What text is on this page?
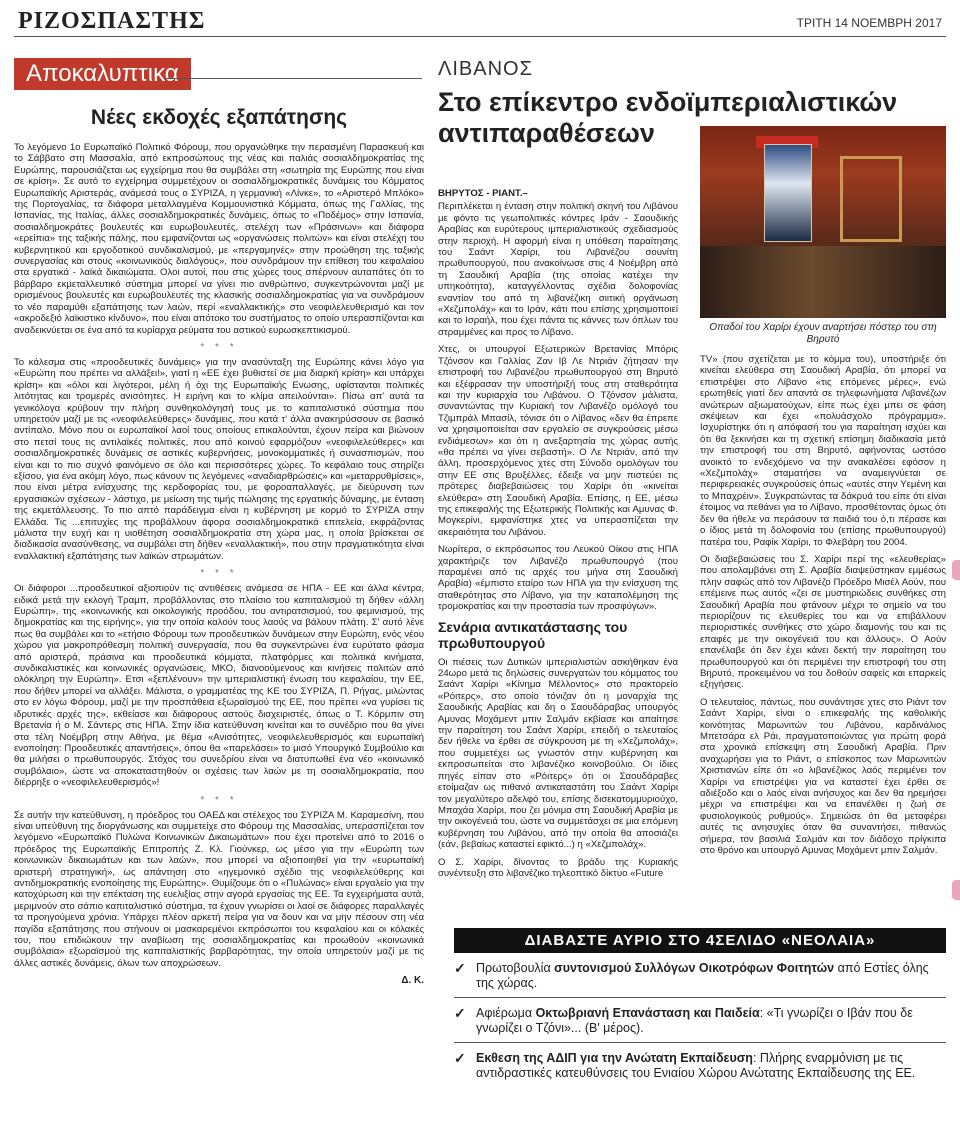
ΡΙΖΟΣΠΑΣΤΗΣ	ΤΡΙΤΗ 14 ΝΟΕΜΒΡΗ 2017
Αποκαλυπτικα
Νέες εκδοχές εξαπάτησης

Το λεγόμενο 1ο Ευρωπαϊκό Πολιτικό Φόρουμ, που οργανώθηκε την περασμένη Παρασκευή και το Σάββατο στη Μασσαλία, από εκπροσώπους της νέας και παλιάς σοσιαλδημοκρατίας της Ευρώπης, παρουσιάζεται ως εγχείρημα που θα συμβάλει στη «σωτηρία της Ευρώπης που είναι σε κρίση». Σε αυτό το εγχείρημα συμμετέχουν οι σοσιαλδημοκρατικές δυνάμεις του Κόμματος Ευρωπαϊκής Αριστεράς, ανάμεσά τους ο ΣΥΡΙΖΑ, η γερμανική «Λίνκε», το «Αριστερό Μπλόκο» της Πορτογαλίας, τα διάφορα μεταλλαγμένα Κομμουνιστικά Κόμματα, όπως της Γαλλίας, της Ισπανίας, της Ιταλίας, άλλες σοσιαλδημοκρατικές δυνάμεις, όπως το «Ποδέμος» στην Ισπανία, σοσιαλδημοκράτες βουλευτές και ευρωβουλευτές, στελέχη των «Πράσινων» και διάφορα «ερείπια» της ταξικής πάλης, που εμφανίζονται ως «οργανώσεις πολιτών» και είναι στελέχη του κυβερνητικού και εργοδοτικού συνδικαλισμού, με «περγαμηνές» στην προώθηση της ταξικής συνεργασίας και στους «κοινωνικούς διαλόγους», που συνδράμουν την επίθεση του κεφαλαίου στα εργατικά - λαϊκά δικαιώματα. Ολοι αυτοί, που στις χώρες τους σπέρνουν αυταπάτες ότι το βάρβαρο εκμεταλλευτικό σύστημα μπορεί να γίνει πιο ανθρώπινο, συγκεντρώνονται μαζί με ορισμένους βουλευτές και ευρωβουλευτές της κλασικής σοσιαλδημοκρατίας για να συνδράμουν το νέο παραμύθι εξαπάτησης των λαών, περί «εναλλακτικής» στο νεοφιλελευθερισμό και τον «ακροδεξιό λαϊκιστικο κίνδυνο», που είναι απότοκο του συστήματος το οποίο υπερασπίζονται και αναδεικνύεται σε ένα από τα κυρίαρχα ρεύματα του αστικού ευρωσκεπτικισμού.

* * *

Το κάλεσμα στις «προοδευτικές δυνάμεις» για την ανασύνταξη της Ευρώπης κάνει λόγο για «Ευρώπη που πρέπει να αλλάξει!», γιατί η «ΕΕ έχει βυθιστεί σε μια διαρκή κρίση» και υπάρχει κρίση» και «όλοι και λιγότεροι, μέλη ή όχι της Ευρωπαϊκής Ενωσης, υφίστανται πολιτικές λιτότητας και τρομερές ανισότητες. Η ειρήνη και το κλίμα απειλούνται». Πίσω απ' αυτά τα γενικόλογα κρύβουν την πλήρη συνθηκολόγησή τους με το καπιταλιστικό σύστημα που υπηρετούν μαζί με τις «νεοφιλελεύθερες» δυνάμεις, που κατά τ' άλλα ανακηρύσσουν σε βασικό αντίπαλο. Μόνο που οι ευρωπαϊκοί λαοί τους οποίους επικαλούνται, έχουν πείρα και βιώνουν στο πετσί τους τις αντιλαϊκές πολιτικές, που από κοινού εφαρμόζουν «νεοφιλελεύθερες» και σοσιαλδημοκρατικές δυνάμεις σε αστικές κυβερνήσεις, μονοκομματικές ή συνασπισμών, που είναι και το πιο συχνό φαινόμενο σε όλο και περισσότερες χώρες. Το κεφάλαιο τους στηρίζει εξίσου, για ένα ακόμη λόγο, πως κάνουν τις λεγόμενες «αναδιαρθρώσεις» και «μεταρρυθμίσεις», που είναι μέτρα ενίσχυσης της κερδοφορίας του, με φοροαπαλλαγές, με διεύρυνση των εργασιακών σχέσεων - λάστιχο, με μείωση της τιμής πώλησης της εργατικής δύναμης, με ένταση της εκμετάλλευσης. Το πιο απτό παράδειγμα είναι η κυβέρνηση με κορμό το ΣΥΡΙΖΑ στην Ελλάδα. Τις ...επιτυχίες της προβάλλουν άφορα σοσιαλδημοκρατικά επιτελεία, εκφράζοντας μάλιστα την ευχή και η υιοθέτηση σοσιαλδημοκρατία στη χώρα μας, η οποία βρίσκεται σε διαδικασία ανασύνθεσης, να συμβάλει στη δήθεν «εναλλακτική», που στην πραγματικότητα είναι εναλλακτική εξαπάτησης των λαϊκών στρωμάτων.

* * *

Οι διάφοροι ...προοδευτικοί αξιοπιούν τις αντιθέσεις ανάμεσα σε ΗΠΑ - ΕΕ και άλλα κέντρα, ειδικά μετά την εκλογή Τραμπ, προβάλλοντας στο πλαίσιο του καπιταλισμού τη δήθεν «άλλη Ευρώπη», της «κοινωνικής και οικολογικής προόδου, του αντιρατσισμού, του φεμινισμού, της δημοκρατίας και της ειρήνης», για την οποία καλούν τους λαούς να βάλουν πλάτη. Σ' αυτό λένε πως θα συμβάλει και το «ετήσιο Φόρουμ των προοδευτικών δυνάμεων στην Ευρώπη, ενός νέου χώρου για μακροπρόθεσμη πολιτική συνεργασία, που θα συγκεντρώνει ένα ευρύτατο φάσμα από αριστερά, πράσινα και προοδευτικά κόμματα, πλατφόρμες και πολιτικά κινήματα, συνδικαλιστικές και κοινωνικές οργανώσεις, ΜΚΟ, διανοούμενους και κινήσεις πολιτών από ολόκληρη την Ευρώπη». Ετσι «ξεπλένουν» την ιμπεριαλιστική ένωση του κεφαλαίου, την ΕΕ, που δήθεν μπορεί να αλλάξει. Μάλιστα, ο γραμματέας της ΚΕ του ΣΥΡΙΖΑ, Π. Ρήγας, μιλώντας στο εν λόγω Φόρουμ, μαζί με την προσπάθεια εξωραϊσμού της ΕΕ, που πρέπει «να γυρίσει τις ιδρυτικές αρχές της», εκθείασε και διάφορους αστούς διαχειριστές, όπως ο Τ. Κόρμπιν στη Βρετανία ή ο Μ. Σάντερς στις ΗΠΑ. Στην ίδια κατεύθυνση κινείται και το συνέδριο που θα γίνει στα τέλη Νοέμβρη στην Αθήνα, με θέμα «Ανισότητες, νεοφιλελευθερισμός και ευρωπαϊκή ενοποίηση: Προοδευτικές απαντήσεις», όπου θα «παρελάσει» το μισό Υπουργικό Συμβούλιο και θα μιλήσει ο πρωθυπουργός. Στόχος του συνεδρίου είναι να διατυπωθεί ένα νέο «κοινωνικό συμβόλαιο», ώστε να αποκαταστηθούν οι σχέσεις των λαών με τη σοσιαλδημοκρατία, που διέρρηξε ο «νεοφιλελευθερισμός»!

* * *

Σε αυτήν την κατεύθυνση, η πρόεδρος του ΟΑΕΔ και στέλεχος του ΣΥΡΙΖΑ Μ. Καραμεσίνη, που είναι υπεύθυνη της διοργάνωσης και συμμετείχε στο Φόρουμ της Μασσαλίας, υπερασπίζεται τον λεγόμενο «Ευρωπαϊκό Πυλώνα Κοινωνικών Δικαιωμάτων» που έχει προτείνει από το 2016 ο πρόεδρος της Ευρωπαϊκής Επιτροπής Ζ. Κλ. Γιούνκερ, ως μέσο για την «Ευρώπη των κοινωνικών δικαιωμάτων και των λαών», που μπορεί να αξιοποιηθεί για την «ευρωπαϊκή αριστερή στρατηγική», ως απάντηση στο «ηγεμονικό σχέδιο της νεοφιλελεύθερης και αντιδημοκρατικής ενοποίησης της Ευρώπης». Θυμίζουμε ότι ο «Πυλώνας» είναι εργαλείο για την κατοχύρωση και την επέκταση της ευελιξίας στην αγορά εργασίας της ΕΕ. Τα εγχειρήματα αυτά, μεριμνούν στο σάπιο καπιταλιστικό σύστημα, τα έχουν γνωρίσει οι λαοί σε διάφορες παραλλαγές τα προηγούμενα χρόνια. Υπάρχει πλέον αρκετή πείρα για να δουν και να μην πέσουν στη νέα παγίδα εξαπάτησης που στήνουν οι μασκαρεμένοι εκπρόσωποι του κεφαλαίου και οι κόλακές του, που επιδιώκουν την αναβίωση της σοσιαλδημοκρατίας και προωθούν «κοινωνικά συμβόλαια» εξωραϊσμού της καπιταλιστικής βαρβαρότητας, την οποία υπηρετούν μαζί με τις άλλες αστικές δυνάμεις, όλων των αποχρώσεων.

Δ. Κ.
ΛΙΒΑΝΟΣ
Στο επίκεντρο ενδοϊμπεριαλιστικών αντιπαραθέσεων

ΒΗΡΥΤΟΣ - ΡΙΑΝΤ.–

Περιπλέκεται η ένταση στην πολιτική σκηνή του Λιβάνου με φόντο τις γεωπολιτικές κόντρες Ιράν - Σαουδικής Αραβίας και ευρύτερους ιμπεριαλιστικούς σχεδιασμούς στην περιοχή. Η αφορμή είναι η υπόθεση παραίτησης του Σαάντ Χαρίρι, του Λιβανέζου σουνίτη πρωθυπουργού, που ανακοίνωσε στις 4 Νοέμβρη από τη Σαουδική Αραβία (της οποίας κατέχει την υπηκοότητα), καταγγέλλοντας σχέδια δολοφονίας εναντίον του από τη λιβανέζικη σιιτική οργάνωση «Χεζμπολάχ» και το Ιράν, κάτι που επίσης χρησιμοποιεί και το Ισραήλ, που έχει πάντα τις κάννες των όπλων του στραμμένες και προς το Λίβανο.

Χτες, οι υπουργοί Εξωτερικών Βρετανίας Μπόρις Τζόνσον και Γαλλίας Ζαν Ιβ Λε Ντριάν ζήτησαν την επιστροφή του Λιβανέζου πρωθυπουργού στη Βηρυτό και εξέφρασαν την υποστήριξή τους στη σταθερότητα και την κυριαρχία του Λιβάνου. Ο Τζόνσον μάλιστα, συναντώντας την Κυριακή τον Λιβανέζο ομόλογό του Τζιμπράλ Μπασίλ, τόνισε ότι ο Λίβανος «δεν θα έπρεπε να χρησιμοποιείται σαν εργαλείο σε συγκρούσεις μέσω ενδιάμεσων» και ότι η ανεξαρτησία της χώρας αυτής «θα πρέπει να γίνει σεβαστή». Ο Λε Ντριάν, από την άλλη, προσερχόμενος χτες στη Σύνοδο ομολόγων του στην ΕΕ στις Βρυξέλλες, έδειξε να μην πιστεύει τις πρότερες διαβεβαιώσεις του Χαρίρι ότι «κινείται ελεύθερα» στη Σαουδική Αραβία. Επίσης, η ΕΕ, μέσω της επικεφαλής της Εξωτερικής Πολιτικής και Αμυνας Φ. Μογκερίνι, εμφανίστηκε χτες να υπερασπίζεται την ακεραιότητα του Λιβάνου.

Νωρίτερα, ο εκπρόσωπος του Λευκού Οίκου στις ΗΠΑ χαρακτήριζε τον Λιβανέζο πρωθυπουργό (που παραμένει από τις αρχές του μήνα στη Σαουδική Αραβία) «έμπιστο εταίρο των ΗΠΑ για την ενίσχυση της σταθερότητας στο Λίβανο, για την καταπολέμηση της τρομοκρατίας και την προστασία των προσφύγων».

Σενάρια αντικατάστασης του πρωθυπουργού

Οι πιέσεις των Δυτικών ιμπεριαλιστών ασκήθηκαν ένα 24ωρο μετά τις δηλώσεις συνεργατών του κόμματος του Σαάντ Χαρίρι «Κίνημα Μέλλοντος» στο πρακτορείο «Ρόιτερς», στο οποίο τόνιζαν ότι η μοναρχία της Σαουδικής Αραβίας και δη ο Σαουδάραβας υπουργός Αμυνας Μοχάμεντ μπιν Σαλμάν εκβίασε και απαίτησε την παραίτηση του Σαάντ Χαρίρι, επειδή ο τελευταίος δεν ήθελε να έρθει σε σύγκρουση με τη «Χεζμπολάχ», που συμμετέχει ως γνωστόν στην κυβέρνηση και εκπροσωπείται στο λιβανέζικο κοινοβούλιο. Οι ίδιες πηγές είπαν στο «Ρόιτερς» ότι οι Σαουδάραβες ετοίμαζαν ως πιθανό αντικαταστάτη του Σαάντ Χαρίρι τον μεγαλύτερο αδελφό του, επίσης δισεκατομμυριούχο, Μπαχάα Χαρίρι, που ζει μόνιμα στη Σαουδική Αραβία με την οικογένειά του, ώστε να συμμετάσχει σε μια επόμενη κυβέρνηση του Λιβάνου, από την οποία θα αποσιάζει (εάν, βεβαίως καταστεί εφικτό...) η «Χεζμπολάχ».

Ο Σ. Χαρίρι, δίνοντας το βράδυ της Κυριακής συνέντευξη στο λιβανέζικο τηλεοπτικό δίκτυο «Future

Οπαδοί του Χαρίρι έχουν αναρτήσει πόστερ του στη Βηρυτό

TV» (που σχετίζεται με το κόμμα του), υποστήριξε ότι κινείται ελεύθερα στη Σαουδική Αραβία, ότι μπορεί να επιστρέψει στο Λίβανο «τις επόμενες μέρες», ενώ ερωτηθείς γιατί δεν απαντά σε τηλεφωνήματα Λιβανέζων ανώτερων αξιωματούχων, είπε πως έχει μπει σε φάση σκέψεων και έχει «πολυάσχολο πρόγραμμα». Ισχυρίστηκε ότι η απόφασή του για παραίτηση ισχύει και ότι θα ξεκινήσει και τη σχετική επίσημη διαδικασία μετά την επιστροφή του στη Βηρυτό, αφήνοντας ωστόσο ανοικτό το ενδεχόμενο να την ανακαλέσει εφόσον η «Χεζμπολάχ» σταματήσει να αναμειγνύεται σε περιφερειακές συγκρούσεις όπως «αυτές στην Υεμένη και το Μπαχρέιν». Συγκρατώντας τα δάκρυά του είπε ότι είναι έτοιμος να πεθάνει για το Λίβανο, προσθέτοντας όμως ότι δεν θα ήθελε να περάσουν τα παιδιά του ό,τι πέρασε και ο ίδιος μετά τη δολοφονία του (επίσης πρωθυπουργού) πατέρα του, Ραφίκ Χαρίρι, το Φλεβάρη του 2004.

Οι διαβεβαιώσεις του Σ. Χαρίρι περί της «ελευθερίας» που απολαμβάνει στη Σ. Αραβία διαψεύστηκαν εμμέσως πλην σαφώς από τον Λιβανέζο Πρόεδρο Μισέλ Αούν, που επέμεινε πως αυτός «ζει σε μυστηριώδεις συνθήκες στη Σαουδική Αραβία που φτάνουν μέχρι το σημείο να του περιορίζουν τις ελευθερίες του και να επιβάλλουν περιοριστικές συνθήκες στο χώρο διαμονής του και τις επαφές με την οικογένειά του και άλλους». Ο Αούν επανέλαβε ότι δεν έχει κάνει δεκτή την παραίτηση του πρωθυπουργού και ότι περιμένει την επιστροφή του στη Βηρυτό, προκειμένου να του δοθούν σαφείς και επαρκείς εξηγήσεις.

Ο τελευταίος, πάντως, που συνάντησε χτες στο Ριάντ τον Σαάντ Χαρίρι, είναι ο επικεφαλής της καθολικής κοινότητας Μαρωνιτών του Λιβάνου, καρδινάλιος Μπετσάρα ελ Ράι, πραγματοποιώντας για πρώτη φορά στα χρονικά επίσκεψη στη Σαουδική Αραβία. Πριν αναχωρήσει για το Ριάντ, ο επίσκοπος των Μαρωνιτών Χριστιανών είπε ότι «ο λιβανέζικος λαός περιμένει τον Χαρίρι να επιστρέψει για να καταστεί έχει έρθει σε αδιέξοδο και ο λαός είναι ανήσυχος και δεν θα ηρεμήσει μέχρι να επιστρέψει και να επανέλθει η ζωή σε φυσιολογικούς ρυθμούς». Σημειώσε ότι θα μεταφέρει αυτές τις ανησυχίες όταν θα συναντήσει, πιθανώς σήμερα, τον βασιλιά Σαλμάν και τον διάδοχο πρίγκιπα στο θρόνο και υπουργό Αμυνας Μοχάμεντ μπιν Σαλμάν.

ΔΙΑΒΑΣΤΕ ΑΥΡΙΟ ΣΤΟ 4ΣΕΛΙΔΟ «ΝΕΟΛΑΙΑ»
✓ Πρωτοβουλία συντονισμού Συλλόγων Οικοτρόφων Φοιτητών από Εστίες όλης της χώρας.
✓ Αφιέρωμα Οκτωβριανή Επανάσταση και Παιδεία: «Τι γνωρίζει ο Ιβάν που δε γνωρίζει ο Τζόνι»... (Β' μέρος).
✓ Εκθεση της ΑΔΙΠ για την Ανώτατη Εκπαίδευση: Πλήρης εναρμόνιση με τις αντιδραστικές κατευθύνσεις του Ενιαίου Χώρου Ανώτατης Εκπαίδευσης της ΕΕ.
